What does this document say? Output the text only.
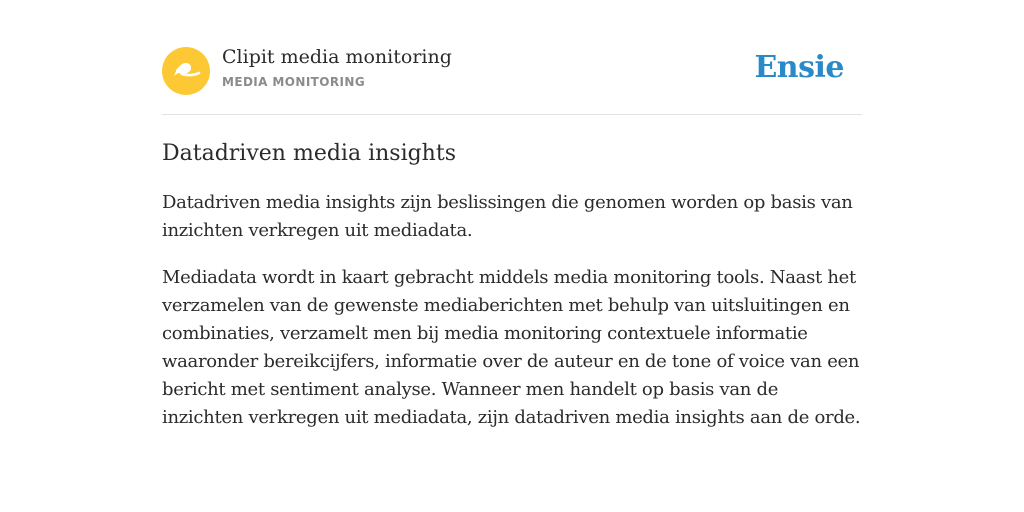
Clipit media monitoring
MEDIA MONITORING	Ensie
Datadriven media insights

Datadriven media insights zijn beslissingen die genomen worden op basis van inzichten verkregen uit mediadata.

Mediadata wordt in kaart gebracht middels media monitoring tools. Naast het verzamelen van de gewenste mediaberichten met behulp van uitsluitingen en combinaties, verzamelt men bij media monitoring contextuele informatie waaronder bereikcijfers, informatie over de auteur en de tone of voice van een bericht met sentiment analyse. Wanneer men handelt op basis van de inzichten verkregen uit mediadata, zijn datadriven media insights aan de orde.
